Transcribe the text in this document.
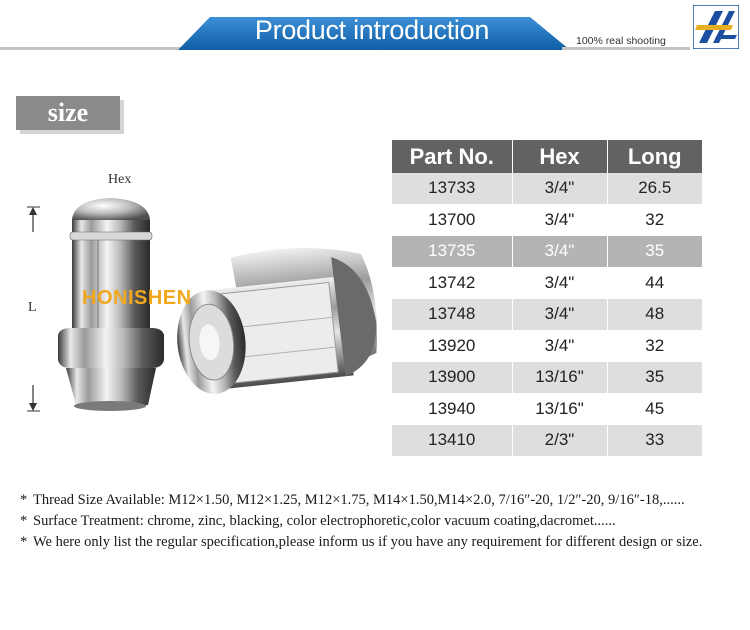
Product introduction	100% real shooting
size
Hex
L HONISHEN
Part No.	Hex	Long
13733	3/4"	26.5
13700	3/4"	32
13735	3/4"	35
13742	3/4"	44
13748	3/4"	48
13920	3/4"	32
13900	13/16"	35
13940	13/16"	45
13410	2/3"	33
* Thread Size Available: M12×1.50, M12×1.25, M12×1.75, M14×1.50,M14×2.0, 7/16″-20, 1/2″-20, 9/16″-18,......
* Surface Treatment: chrome, zinc, blacking, color electrophoretic,color vacuum coating,dacromet......
* We here only list the regular specification,please inform us if you have any requirement for different design or size.
